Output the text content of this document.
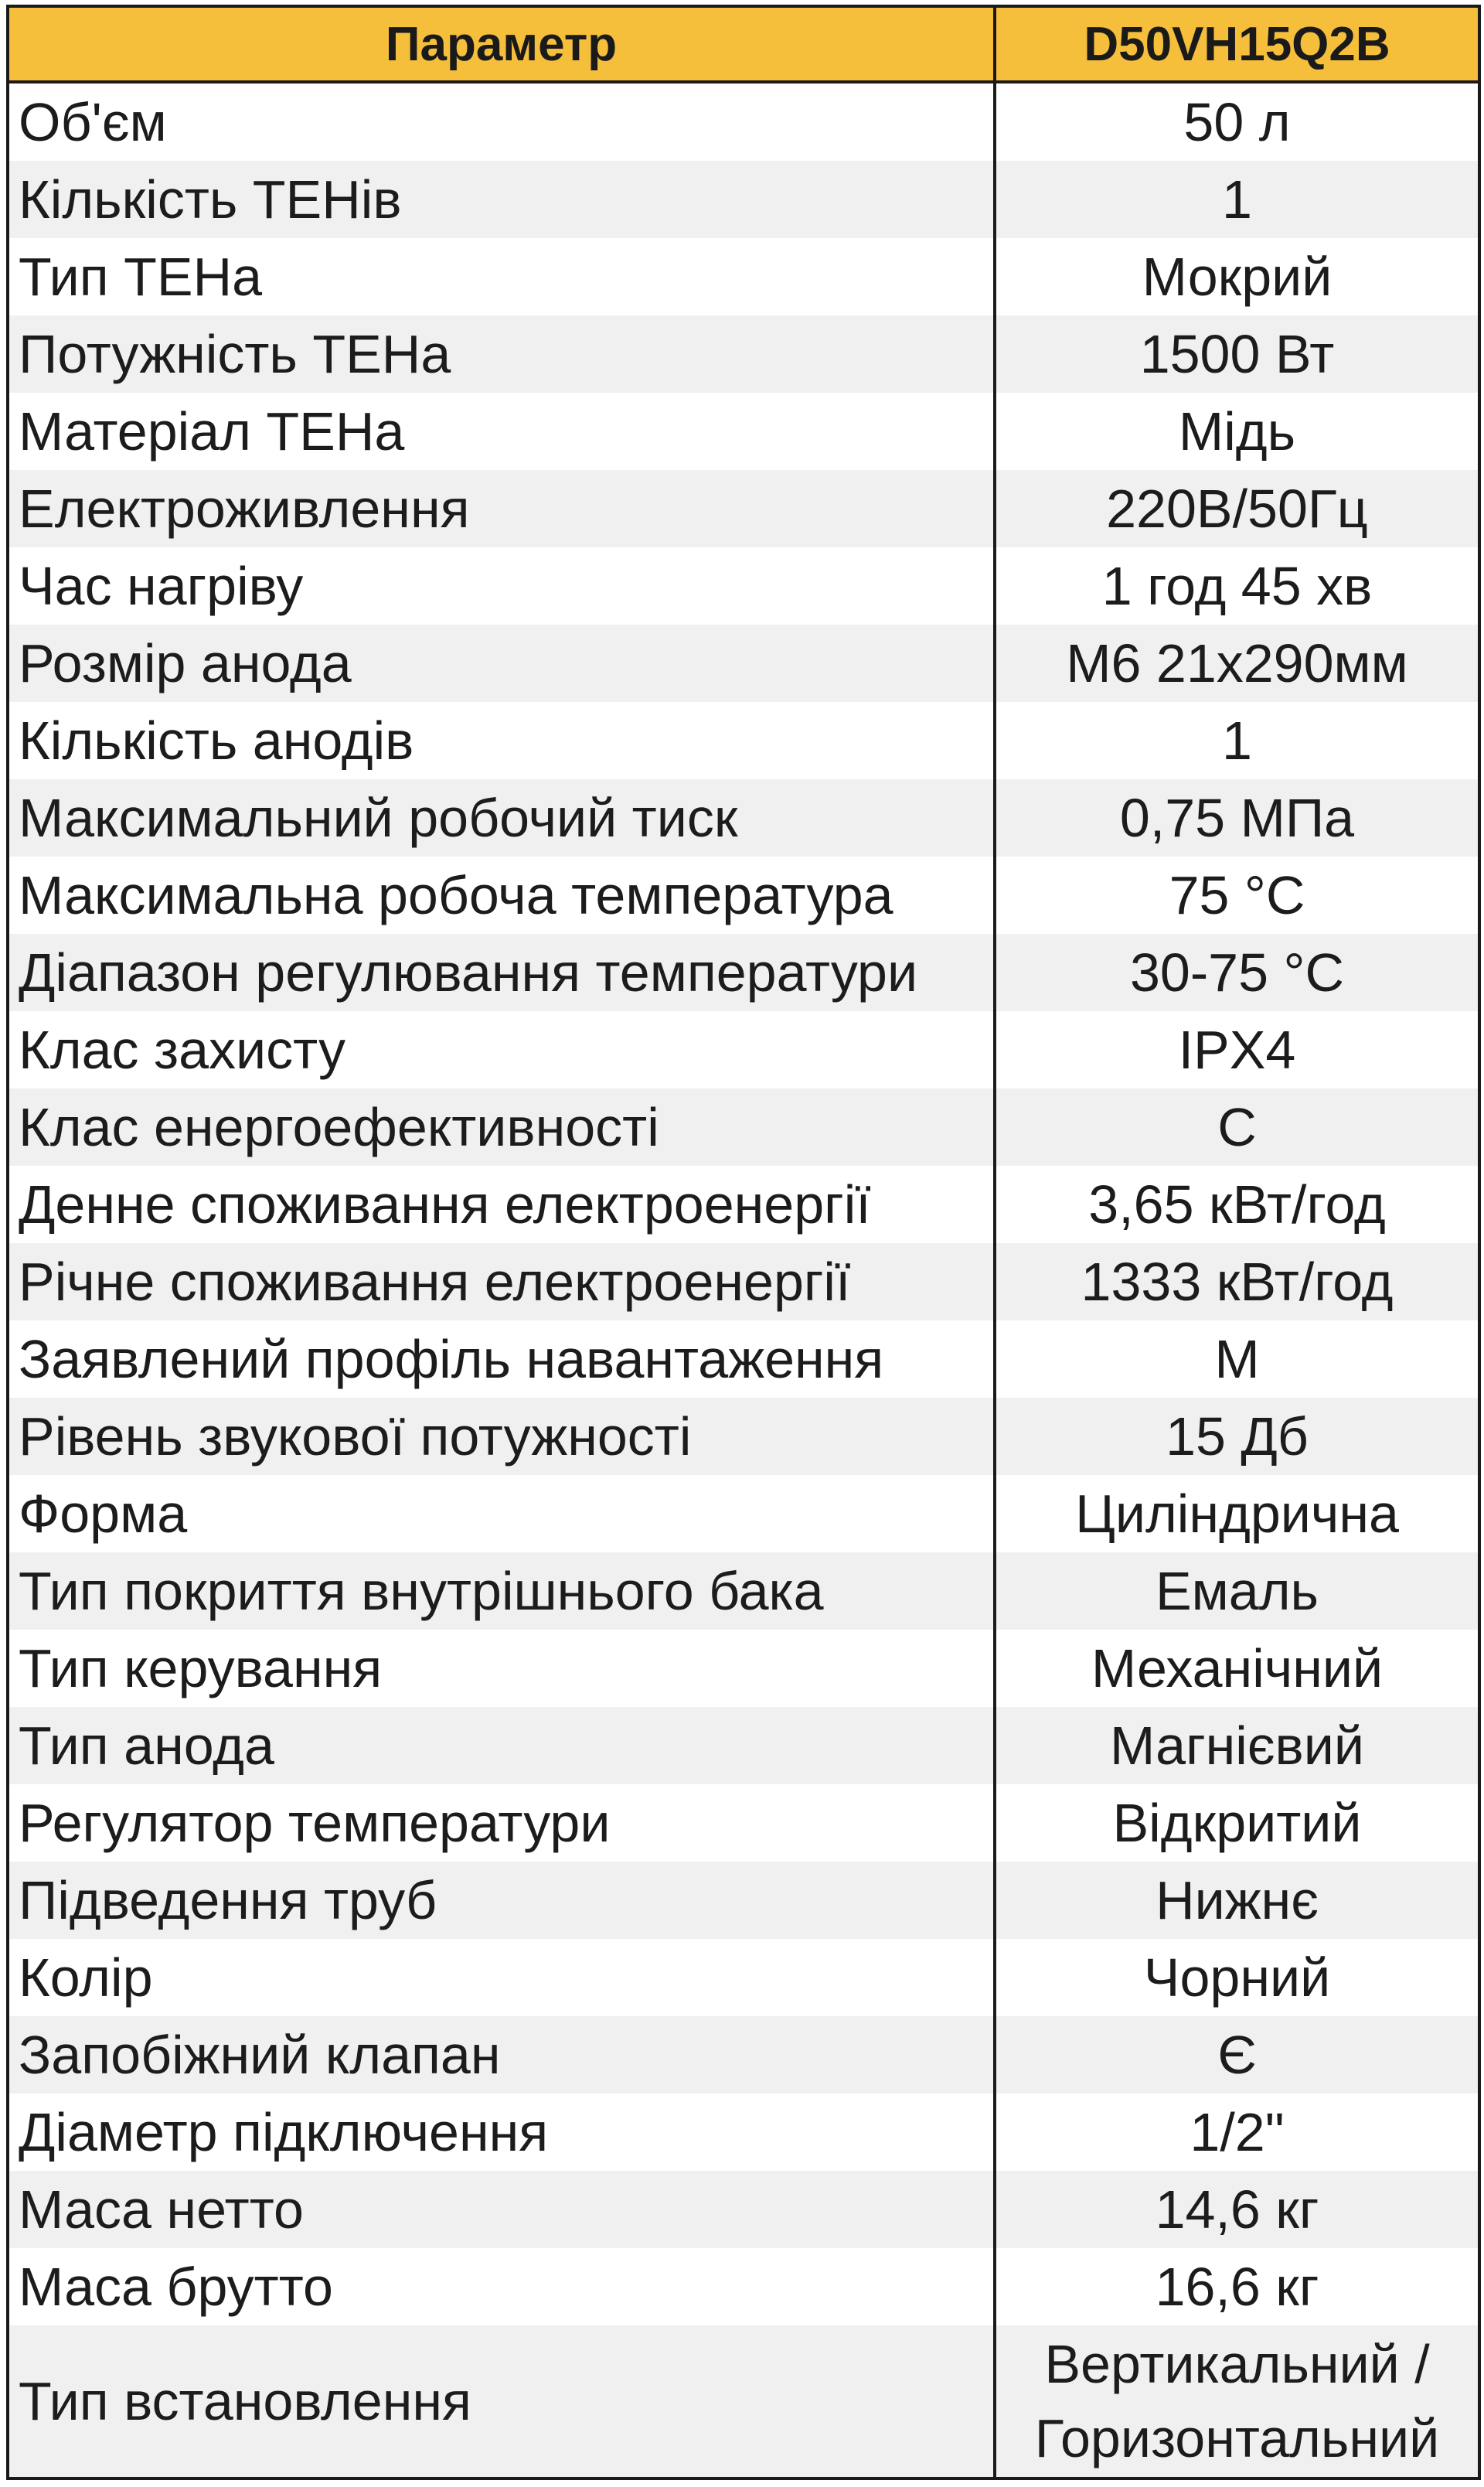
Параметр	D50VH15Q2B
Об'єм	50 л
Кількість ТЕНів	1
Тип ТЕНа	Мокрий
Потужність ТЕНа	1500 Вт
Матеріал ТЕНа	Мідь
Електроживлення	220В/50Гц
Час нагріву	1 год 45 хв
Розмір анода	M6 21x290мм
Кількість анодів	1
Максимальний робочий тиск	0,75 МПа
Максимальна робоча температура	75 °С
Діапазон регулювання температури	30-75 °С
Клас захисту	IPX4
Клас енергоефективності	C
Денне споживання електроенергії	3,65 кВт/год
Річне споживання електроенергії	1333 кВт/год
Заявлений профіль навантаження	M
Рівень звукової потужності	15 Дб
Форма	Циліндрична
Тип покриття внутрішнього бака	Емаль
Тип керування	Механічний
Тип анода	Магнієвий
Регулятор температури	Відкритий
Підведення труб	Нижнє
Колір	Чорний
Запобіжний клапан	Є
Діаметр підключення	1/2"
Маса нетто	14,6 кг
Маса брутто	16,6 кг
Тип встановлення	Вертикальний / Горизонтальний
